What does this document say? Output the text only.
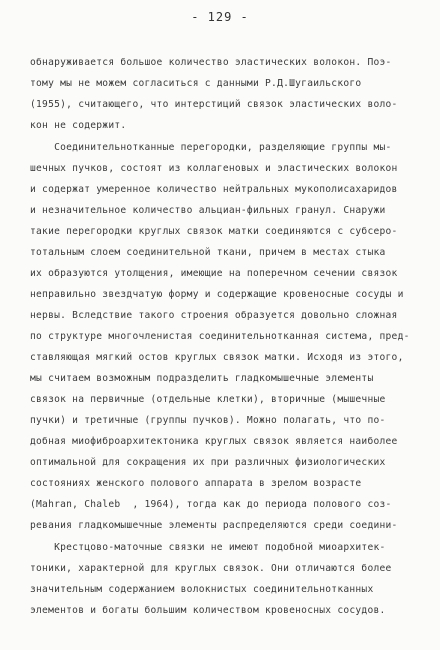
- 129 -
обнаруживается большое количество эластических волокон. Поэ-
тому мы не можем согласиться с данными Р.Д.Шугаильского
(1955), считающего, что интерстиций связок эластических воло-
кон не содержит.
Соединительнотканные перегородки, разделяющие группы мы-
шечных пучков, состоят из коллагеновых и эластических волокон
и содержат умеренное количество нейтральных мукополисахаридов
и незначительное количество альциан-фильных гранул. Снаружи
такие перегородки круглых связок матки соединяются с субсеро-
тотальным слоем соединительной ткани, причем в местах стыка
их образуются утолщения, имеющие на поперечном сечении связок
неправильно звездчатую форму и содержащие кровеносные сосуды и
нервы. Вследствие такого строения образуется довольно сложная
по структуре многочленистая соединительнотканная система, пред-
ставляющая мягкий остов круглых связок матки. Исходя из этого,
мы считаем возможным подразделить гладкомышечные элементы
связок на первичные (отдельные клетки), вторичные (мышечные
пучки) и третичные (группы пучков). Можно полагать, что по-
добная миофиброархитектоника круглых связок является наиболее
оптимальной для сокращения их при различных физиологических
состояниях женского полового аппарата в зрелом возрасте
(Mahran, Chaleb  , 1964), тогда как до периода полового соз-
ревания гладкомышечные элементы распределяются среди соедини-
Крестцово-маточные связки не имеют подобной миоархитек-
тоники, характерной для круглых связок. Они отличаются более
значительным содержанием волокнистых соединительнотканных
элементов и богаты большим количеством кровеносных сосудов.
